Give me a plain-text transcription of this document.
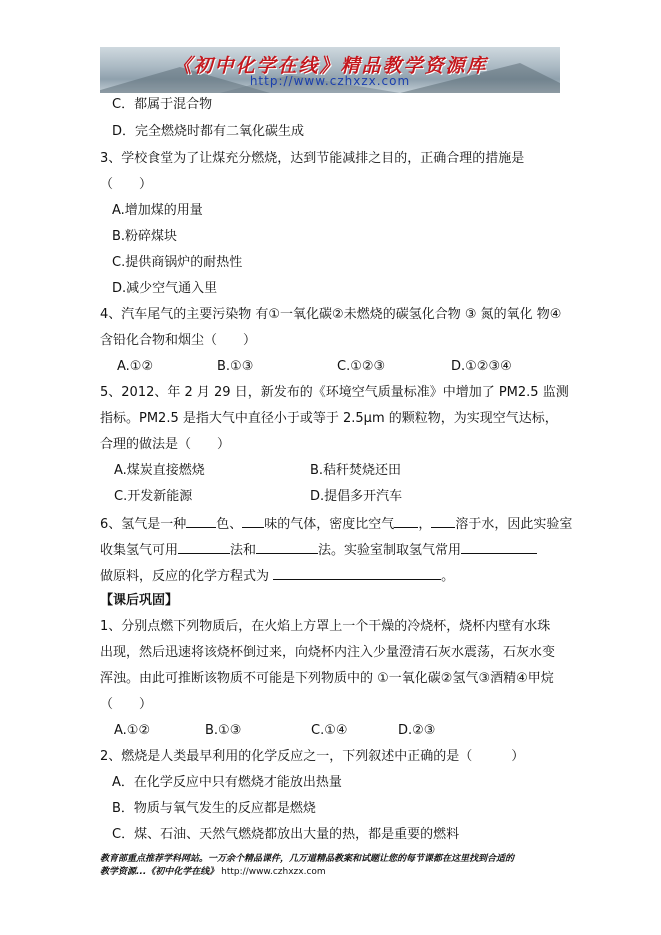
《初中化学在线》精品教学资源库
http://www.czhxzx.com
C．都属于混合物
D．完全燃烧时都有二氧化碳生成
3、学校食堂为了让煤充分燃烧，达到节能减排之目的，正确合理的措施是
（　　）
A.增加煤的用量
B.粉碎煤块
C.提供商锅炉的耐热性
D.减少空气通入里
4、汽车尾气的主要污染物 有①一氧化碳②未燃烧的碳氢化合物 ③ 氮的氧化 物④
含铅化合物和烟尘（　　）
A.①②	B.①③	C.①②③	D.①②③④
5、2012、年 2 月 29 日，新发布的《环境空气质量标准》中增加了 PM2.5 监测
指标。PM2.5 是指大气中直径小于或等于 2.5μm 的颗粒物，为实现空气达标，
合理的做法是（　　）
A.煤炭直接燃烧	B.秸秆焚烧还田
C.开发新能源	D.提倡多开汽车
6、氢气是一种 色、 味的气体，密度比空气 ， 溶于水，因此实验室
收集氢气可用	法和	法。实验室制取氢气常用
做原料，反应的化学方程式为	。
【课后巩固】
1、分别点燃下列物质后，在火焰上方罩上一个干燥的冷烧杯，烧杯内壁有水珠
出现，然后迅速将该烧杯倒过来，向烧杯内注入少量澄清石灰水震荡，石灰水变
浑浊。由此可推断该物质不可能是下列物质中的 ①一氧化碳②氢气③酒精④甲烷
（　　）
A.①②	B.①③	C.①④	D.②③
2、燃烧是人类最早利用的化学反应之一，下列叙述中正确的是（　　　）
A．在化学反应中只有燃烧才能放出热量
B．物质与氧气发生的反应都是燃烧
C．煤、石油、天然气燃烧都放出大量的热，都是重要的燃料
教育部重点推荐学科网站。一万余个精品课件，几万道精品教案和试题让您的每节课都在这里找到合适的
教学资源...《初中化学在线》 http://www.czhxzx.com
